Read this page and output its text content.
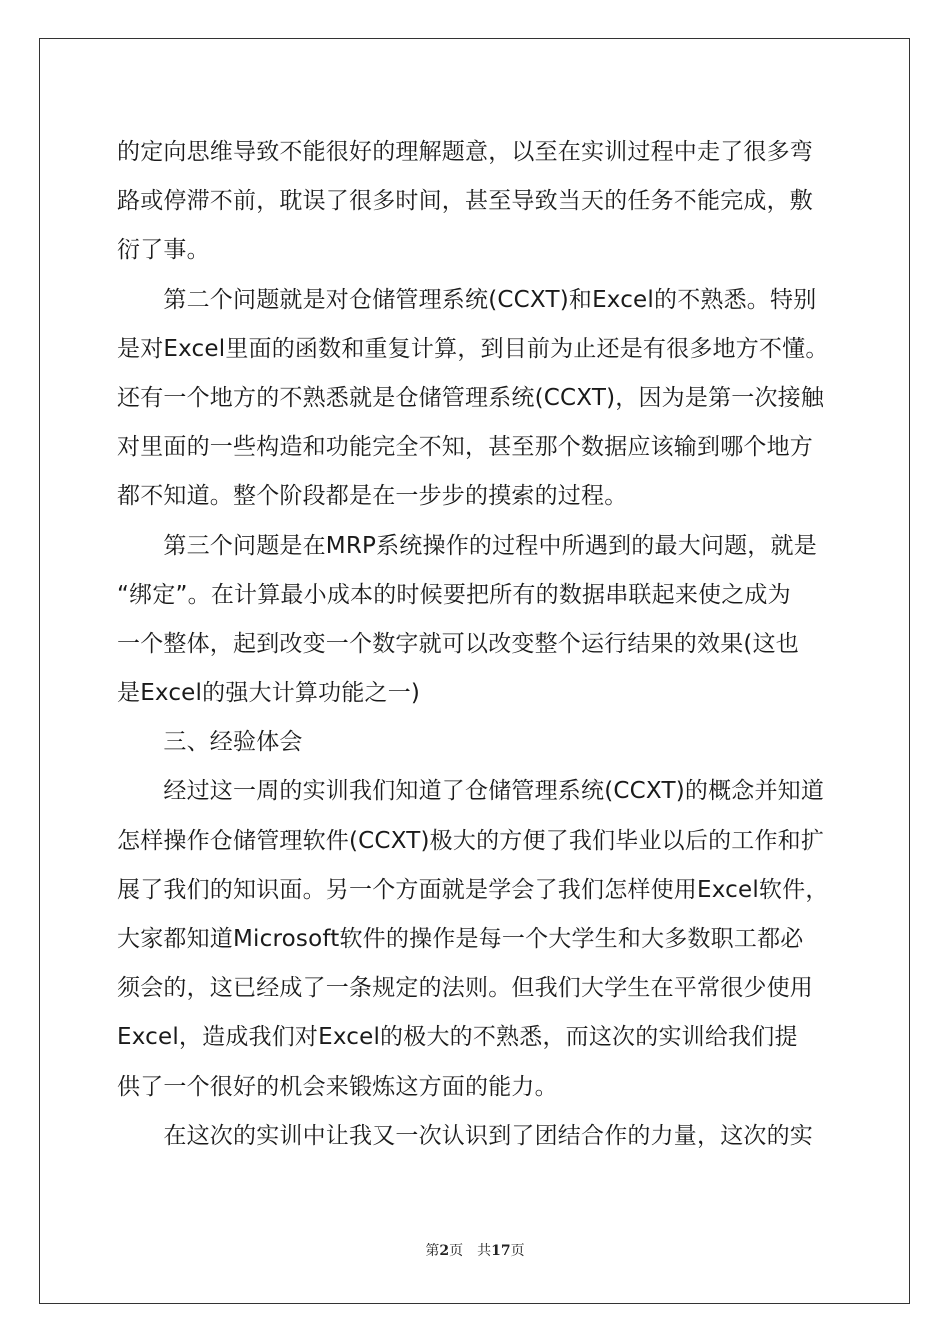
的定向思维导致不能很好的理解题意，以至在实训过程中走了很多弯

路或停滞不前，耽误了很多时间，甚至导致当天的任务不能完成，敷

衍了事。

　　第二个问题就是对仓储管理系统(CCXT)和Excel的不熟悉。特别

是对Excel里面的函数和重复计算，到目前为止还是有很多地方不懂。

还有一个地方的不熟悉就是仓储管理系统(CCXT)，因为是第一次接触

对里面的一些构造和功能完全不知，甚至那个数据应该输到哪个地方

都不知道。整个阶段都是在一步步的摸索的过程。

　　第三个问题是在MRP系统操作的过程中所遇到的最大问题，就是

“绑定”。在计算最小成本的时候要把所有的数据串联起来使之成为

一个整体，起到改变一个数字就可以改变整个运行结果的效果(这也

是Excel的强大计算功能之一)

　　三、经验体会

　　经过这一周的实训我们知道了仓储管理系统(CCXT)的概念并知道

怎样操作仓储管理软件(CCXT)极大的方便了我们毕业以后的工作和扩

展了我们的知识面。另一个方面就是学会了我们怎样使用Excel软件，

大家都知道Microsoft软件的操作是每一个大学生和大多数职工都必

须会的，这已经成了一条规定的法则。但我们大学生在平常很少使用

Excel，造成我们对Excel的极大的不熟悉，而这次的实训给我们提

供了一个很好的机会来锻炼这方面的能力。

　　在这次的实训中让我又一次认识到了团结合作的力量，这次的实

第2页　共17页
